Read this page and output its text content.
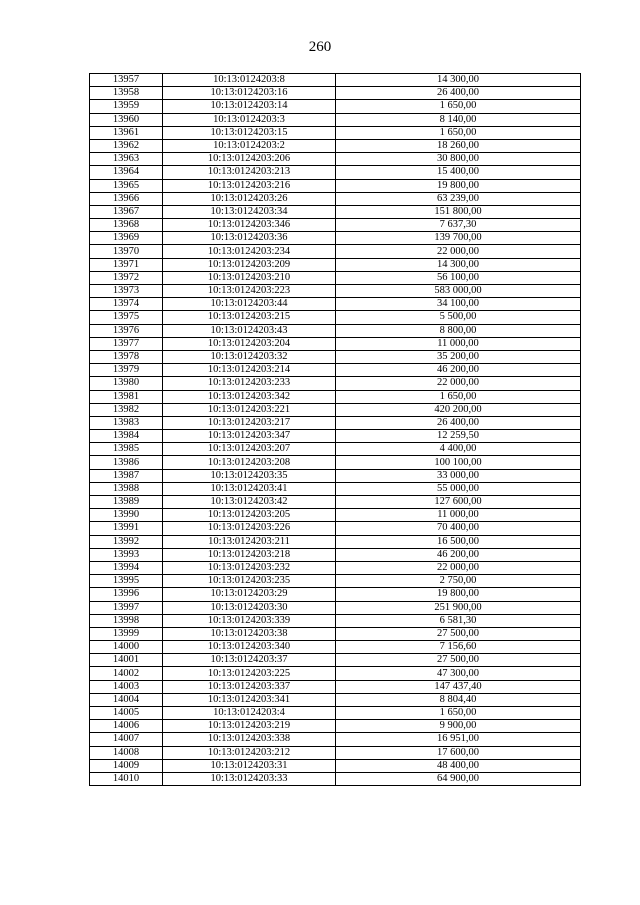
260
13957	10:13:0124203:8	14 300,00
13958	10:13:0124203:16	26 400,00
13959	10:13:0124203:14	1 650,00
13960	10:13:0124203:3	8 140,00
13961	10:13:0124203:15	1 650,00
13962	10:13:0124203:2	18 260,00
13963	10:13:0124203:206	30 800,00
13964	10:13:0124203:213	15 400,00
13965	10:13:0124203:216	19 800,00
13966	10:13:0124203:26	63 239,00
13967	10:13:0124203:34	151 800,00
13968	10:13:0124203:346	7 637,30
13969	10:13:0124203:36	139 700,00
13970	10:13:0124203:234	22 000,00
13971	10:13:0124203:209	14 300,00
13972	10:13:0124203:210	56 100,00
13973	10:13:0124203:223	583 000,00
13974	10:13:0124203:44	34 100,00
13975	10:13:0124203:215	5 500,00
13976	10:13:0124203:43	8 800,00
13977	10:13:0124203:204	11 000,00
13978	10:13:0124203:32	35 200,00
13979	10:13:0124203:214	46 200,00
13980	10:13:0124203:233	22 000,00
13981	10:13:0124203:342	1 650,00
13982	10:13:0124203:221	420 200,00
13983	10:13:0124203:217	26 400,00
13984	10:13:0124203:347	12 259,50
13985	10:13:0124203:207	4 400,00
13986	10:13:0124203:208	100 100,00
13987	10:13:0124203:35	33 000,00
13988	10:13:0124203:41	55 000,00
13989	10:13:0124203:42	127 600,00
13990	10:13:0124203:205	11 000,00
13991	10:13:0124203:226	70 400,00
13992	10:13:0124203:211	16 500,00
13993	10:13:0124203:218	46 200,00
13994	10:13:0124203:232	22 000,00
13995	10:13:0124203:235	2 750,00
13996	10:13:0124203:29	19 800,00
13997	10:13:0124203:30	251 900,00
13998	10:13:0124203:339	6 581,30
13999	10:13:0124203:38	27 500,00
14000	10:13:0124203:340	7 156,60
14001	10:13:0124203:37	27 500,00
14002	10:13:0124203:225	47 300,00
14003	10:13:0124203:337	147 437,40
14004	10:13:0124203:341	8 804,40
14005	10:13:0124203:4	1 650,00
14006	10:13:0124203:219	9 900,00
14007	10:13:0124203:338	16 951,00
14008	10:13:0124203:212	17 600,00
14009	10:13:0124203:31	48 400,00
14010	10:13:0124203:33	64 900,00
